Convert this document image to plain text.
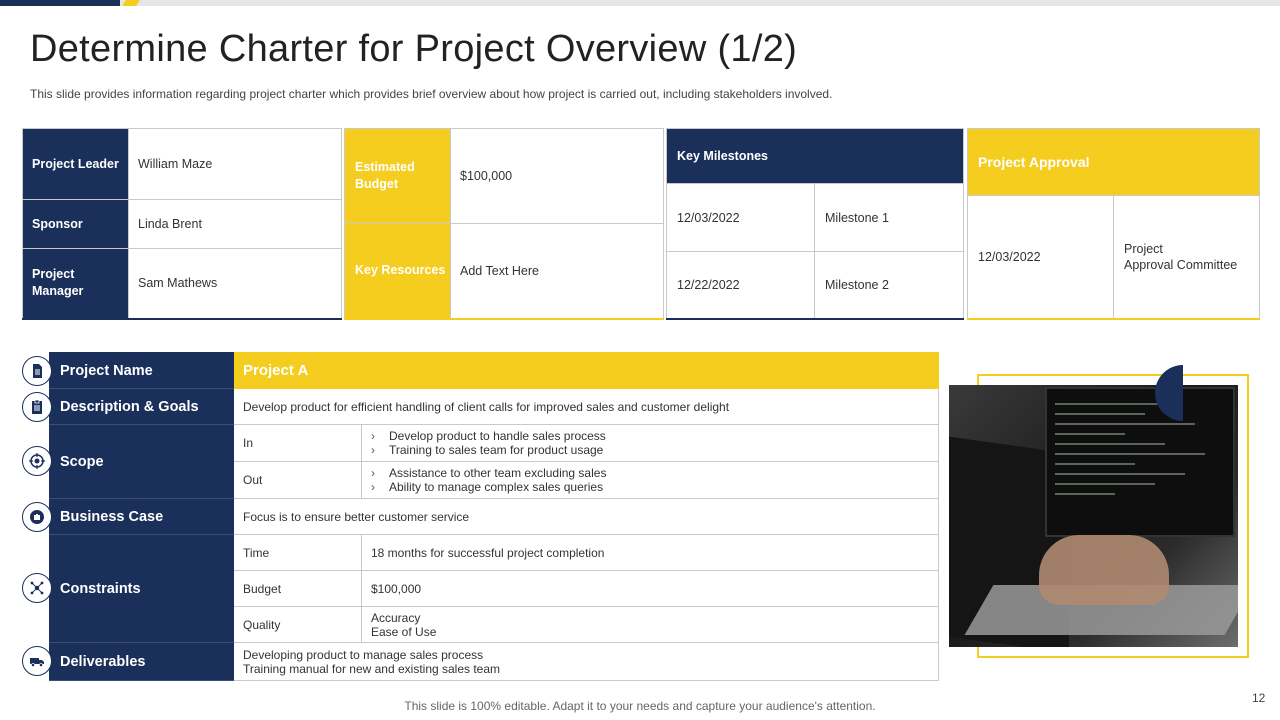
Determine Charter for Project Overview (1/2)

This slide provides information regarding project charter which provides brief overview about how project is carried out, including stakeholders involved.

Project Leader	William Maze
Sponsor	Linda Brent
Project Manager	Sam Mathews
Estimated Budget	$100,000
Key Resources	Add Text Here
Key Milestones	
12/03/2022	Milestone 1
12/22/2022	Milestone 2
Project Approval
12/03/2022	Project
Approval Committee
Project Name	Project A	
Description & Goals	Develop product for efficient handling of client calls for improved sales and customer delight	
Scope	In	› Develop product to handle sales process
› Training to sales team for product usage

	Out	› Assistance to other team excluding sales
› Ability to manage complex sales queries

Business Case	Focus is to ensure better customer service	
Constraints	Time	18 months for successful project completion
	Budget	$100,000
	Quality	Accuracy
Ease of Use

Deliverables	Developing product to manage sales process
Training manual for new and existing sales team	
This slide is 100% editable. Adapt it to your needs and capture your audience's attention.
12
